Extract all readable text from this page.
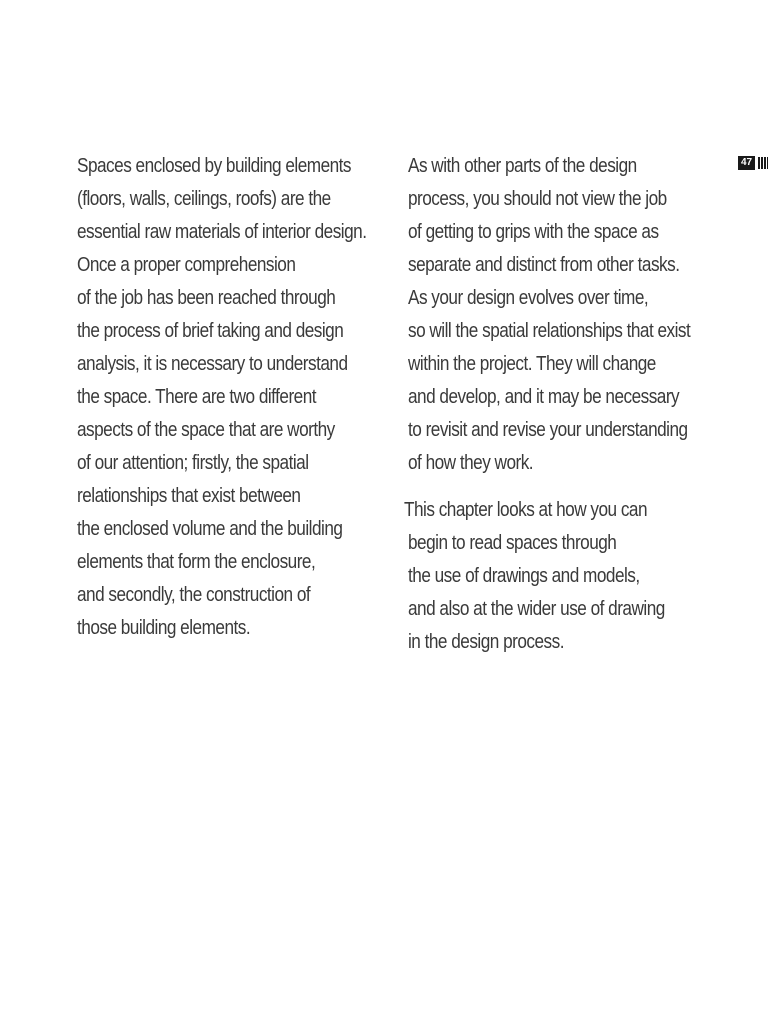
Spaces enclosed by building elements
(floors, walls, ceilings, roofs) are the
essential raw materials of interior design.
Once a proper comprehension
of the job has been reached through
the process of brief taking and design
analysis, it is necessary to understand
the space. There are two different
aspects of the space that are worthy
of our attention; firstly, the spatial
relationships that exist between
the enclosed volume and the building
elements that form the enclosure,
and secondly, the construction of
those building elements.
As with other parts of the design
process, you should not view the job
of getting to grips with the space as
separate and distinct from other tasks.
As your design evolves over time,
so will the spatial relationships that exist
within the project. They will change
and develop, and it may be necessary
to revisit and revise your understanding
of how they work.
This chapter looks at how you can
begin to read spaces through
the use of drawings and models,
and also at the wider use of drawing
in the design process.
47
